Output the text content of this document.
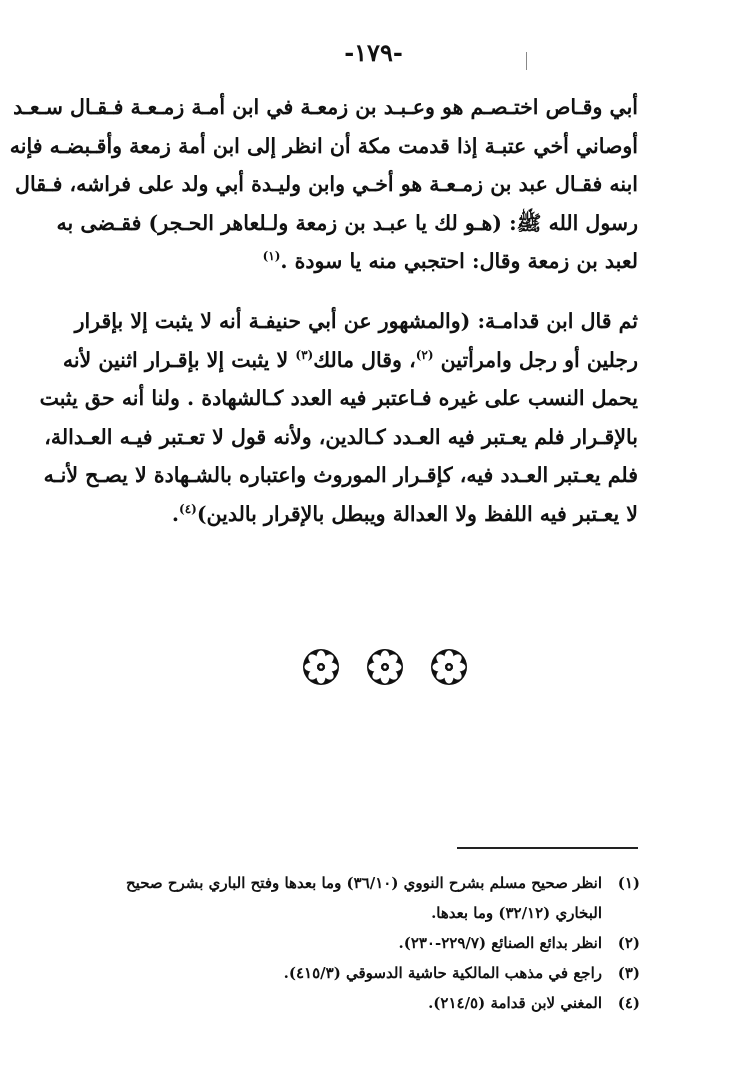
-١٧٩-
أبي وقـاص اختـصـم هو وعـبـد بن زمعـة في ابن أمـة زمـعـة فـقـال سـعـد
أوصاني أخي عتبـة إذا قدمت مكة أن انظر إلى ابن أمة زمعة وأقـبضـه فإنه
ابنه فقـال عبد بن زمـعـة هو أخـي وابن وليـدة أبي ولد على فراشه، فـقال
رسول الله ﷺ: (هـو لك يا عبـد بن زمعة ولـلعاهر الحـجر) فقـضى به
لعبد بن زمعة وقال: احتجبي منه يا سودة .$^{(١)}$
ثم قال ابن قدامـة: (والمشهور عن أبي حنيفـة أنه لا يثبت إلا بإقرار
رجلين أو رجل وامرأتين $^{(٢)}$، وقال مالك$^{(٣)}$ لا يثبت إلا بإقـرار اثنين لأنه
يحمل النسب على غيره فـاعتبر فيه العدد كـالشهادة . ولنا أنه حق يثبت
بالإقـرار فلم يعـتبر فيه العـدد كـالدين، ولأنه قول لا تعـتبر فيـه العـدالة،
فلم يعـتبر العـدد فيه، كإقـرار الموروث واعتباره بالشـهادة لا يصـح لأنـه
لا يعـتبر فيه اللفظ ولا العدالة ويبطل بالإقرار بالدين)$^{(٤)}$.
(١)
انظر صحيح مسلم بشرح النووي (٣٦/١٠) وما بعدها وفتح الباري بشرح صحيح البخاري (٣٢/١٢) وما بعدها.
(٢)
انظر بدائع الصنائع (٢٢٩/٧-٢٣٠).
(٣)
راجع في مذهب المالكية حاشية الدسوقي (٤١٥/٣).
(٤)
المغني لابن قدامة (٢١٤/٥).
